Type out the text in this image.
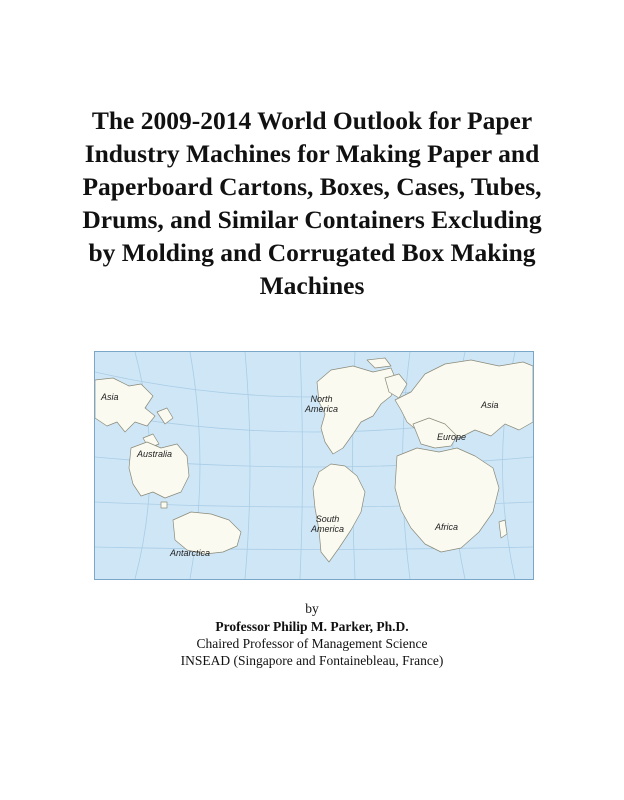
The 2009-2014 World Outlook for Paper
Industry Machines for Making Paper and
Paperboard Cartons, Boxes, Cases, Tubes,
Drums, and Similar Containers Excluding
by Molding and Corrugated Box Making
Machines
Asia
Australia
North
America	Asia
Europe
South
America	Africa
Antarctica
by
Professor Philip M. Parker, Ph.D.
Chaired Professor of Management Science
INSEAD (Singapore and Fontainebleau, France)
